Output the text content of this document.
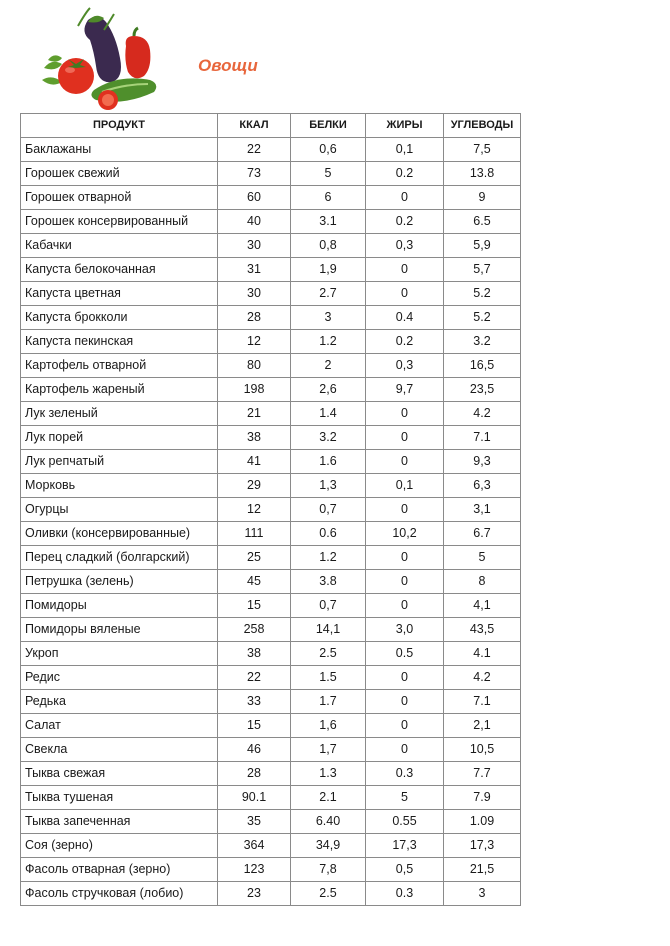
Овощи
ПРОДУКТ	ККАЛ	БЕЛКИ	ЖИРЫ	УГЛЕВОДЫ
Баклажаны	22	0,6	0,1	7,5
Горошек свежий	73	5	0.2	13.8
Горошек отварной	60	6	0	9
Горошек консервированный	40	3.1	0.2	6.5
Кабачки	30	0,8	0,3	5,9
Капуста белокочанная	31	1,9	0	5,7
Капуста цветная	30	2.7	0	5.2
Капуста брокколи	28	3	0.4	5.2
Капуста пекинская	12	1.2	0.2	3.2
Картофель отварной	80	2	0,3	16,5
Картофель жареный	198	2,6	9,7	23,5
Лук зеленый	21	1.4	0	4.2
Лук порей	38	3.2	0	7.1
Лук репчатый	41	1.6	0	9,3
Морковь	29	1,3	0,1	6,3
Огурцы	12	0,7	0	3,1
Оливки (консервированные)	111	0.6	10,2	6.7
Перец сладкий (болгарский)	25	1.2	0	5
Петрушка (зелень)	45	3.8	0	8
Помидоры	15	0,7	0	4,1
Помидоры вяленые	258	14,1	3,0	43,5
Укроп	38	2.5	0.5	4.1
Редис	22	1.5	0	4.2
Редька	33	1.7	0	7.1
Салат	15	1,6	0	2,1
Свекла	46	1,7	0	10,5
Тыква свежая	28	1.3	0.3	7.7
Тыква тушеная	90.1	2.1	5	7.9
Тыква запеченная	35	6.40	0.55	1.09
Соя (зерно)	364	34,9	17,3	17,3
Фасоль отварная (зерно)	123	7,8	0,5	21,5
Фасоль стручковая (лобио)	23	2.5	0.3	3
